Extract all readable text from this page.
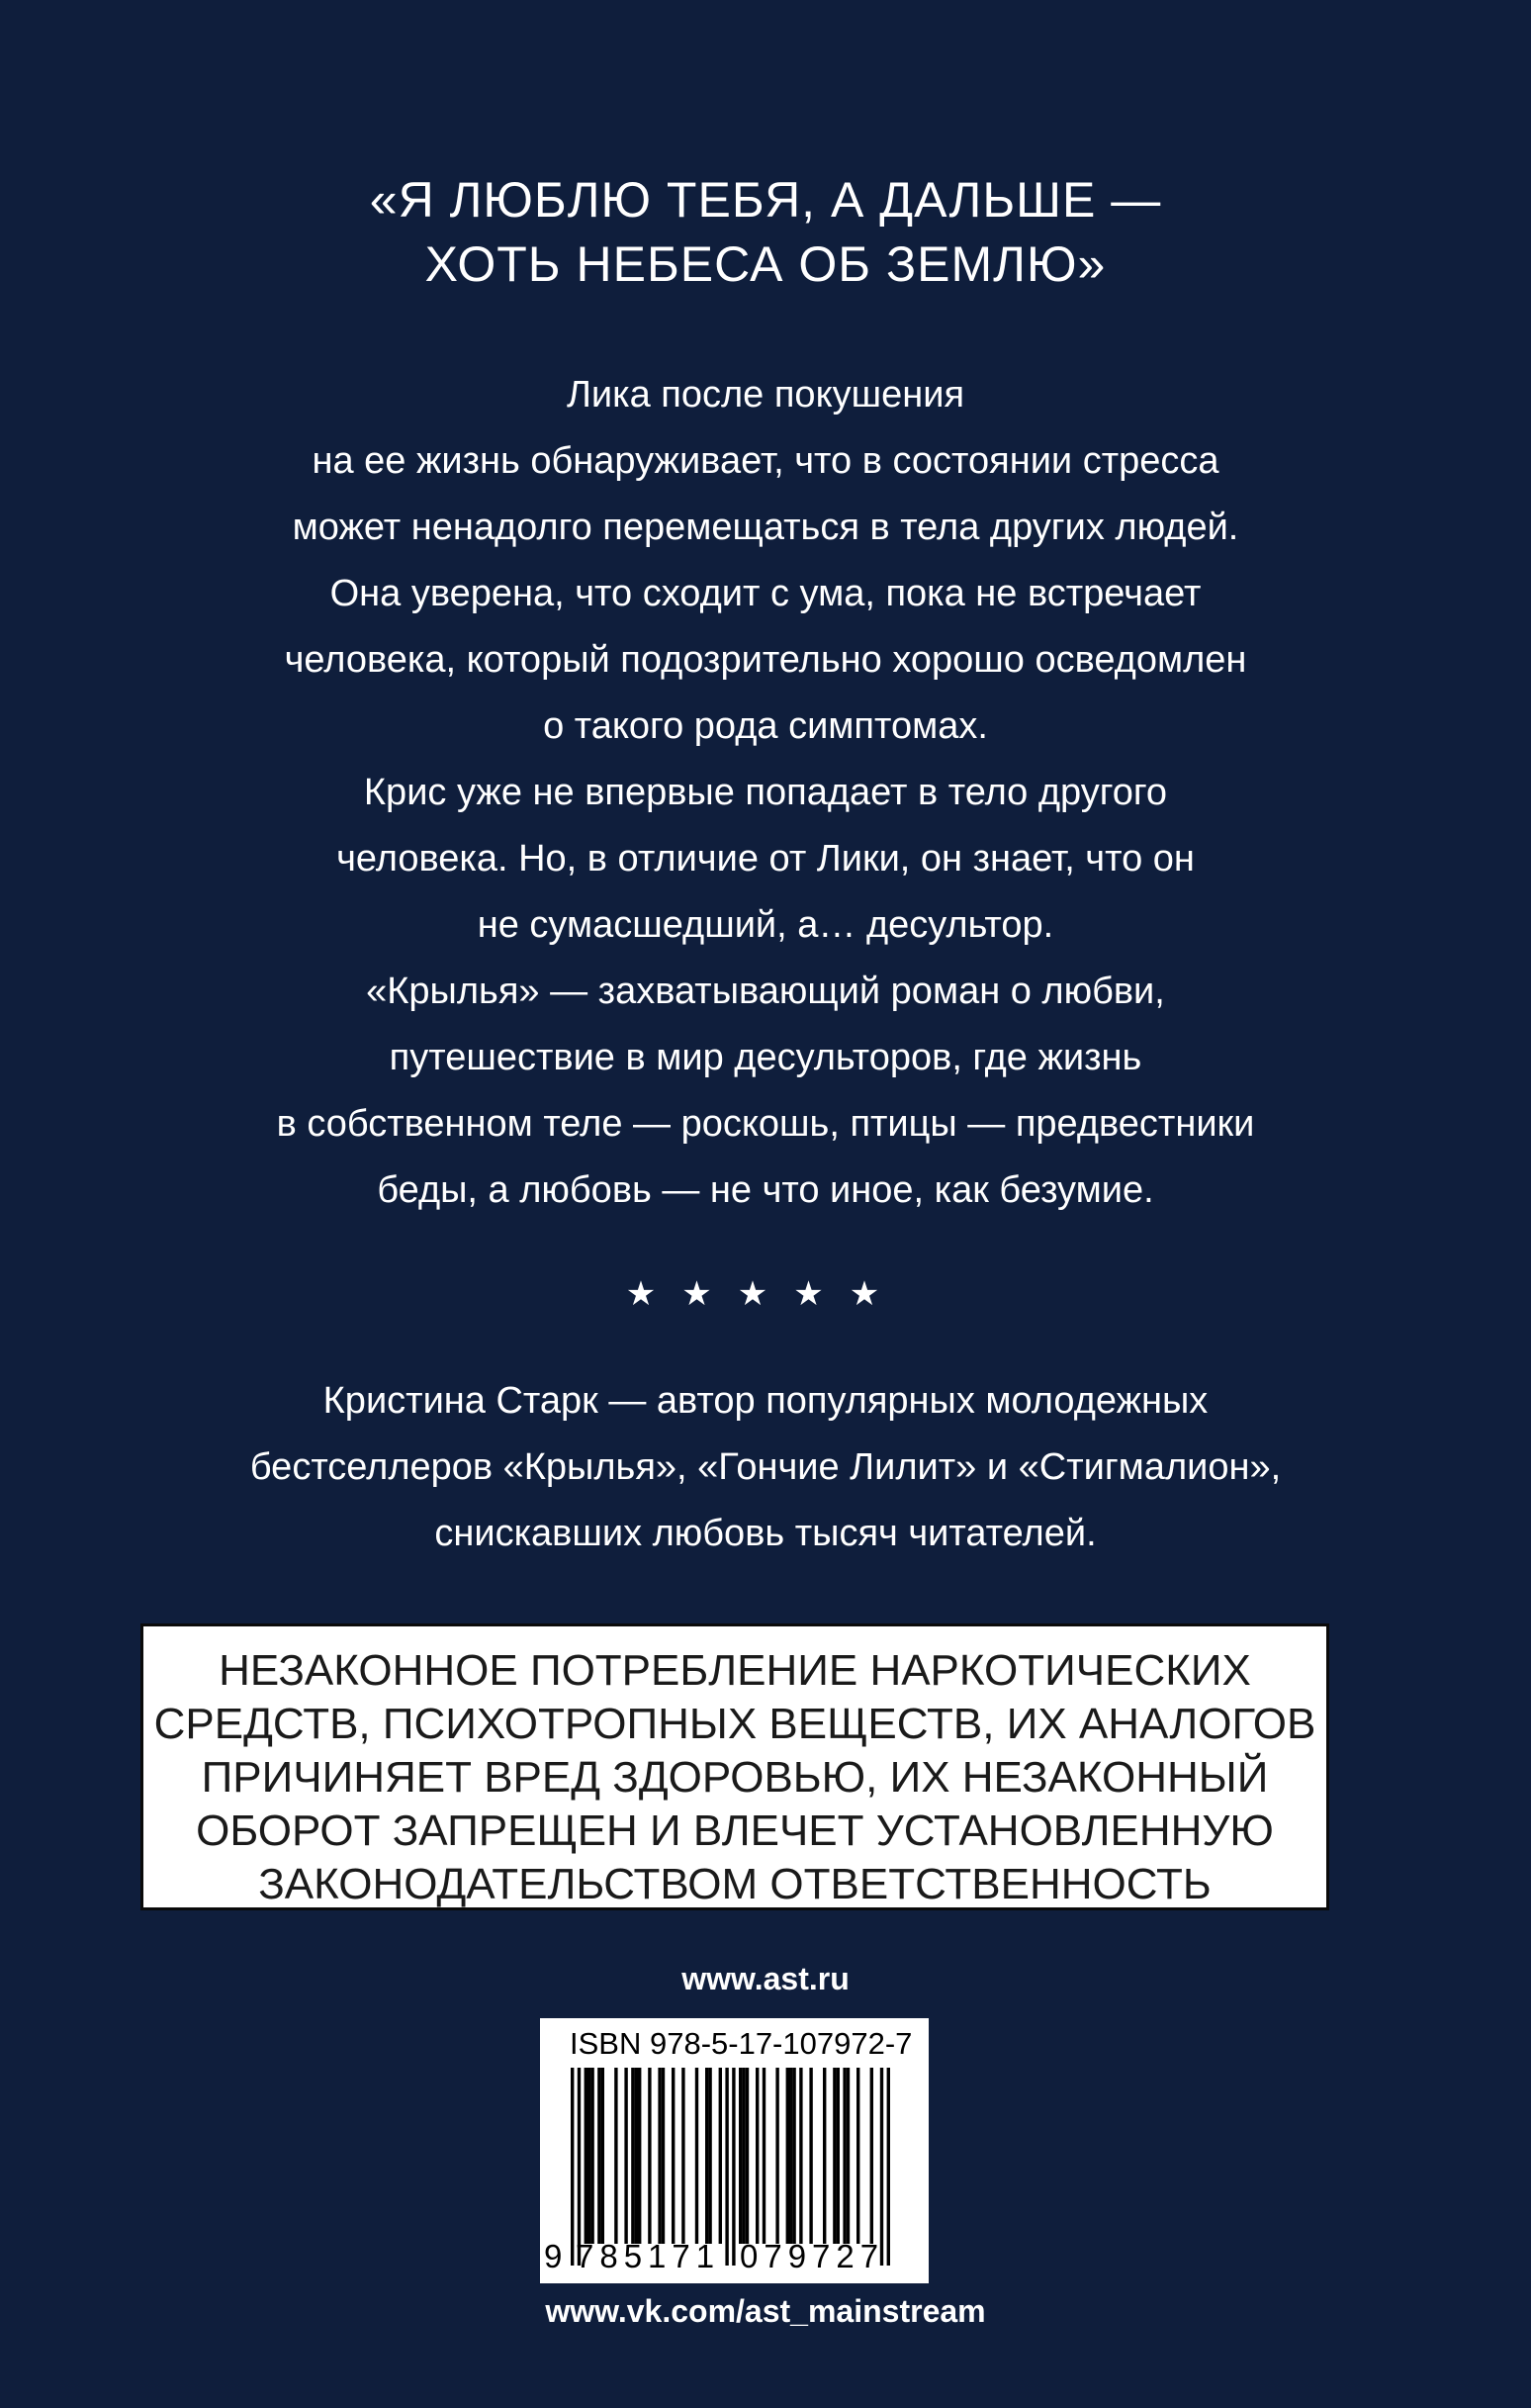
«Я ЛЮБЛЮ ТЕБЯ, А ДАЛЬШЕ —
ХОТЬ НЕБЕСА ОБ ЗЕМЛЮ»
Лика после покушения
на ее жизнь обнаруживает, что в состоянии стресса
может ненадолго перемещаться в тела других людей.
Она уверена, что сходит с ума, пока не встречает
человека, который подозрительно хорошо осведомлен
о такого рода симптомах.
Крис уже не впервые попадает в тело другого
человека. Но, в отличие от Лики, он знает, что он
не сумасшедший, а… десультор.
«Крылья» — захватывающий роман о любви,
путешествие в мир десульторов, где жизнь
в собственном теле — роскошь, птицы — предвестники
беды, а любовь — не что иное, как безумие.
★★★★★
Кристина Старк — автор популярных молодежных
бестселлеров «Крылья», «Гончие Лилит» и «Стигмалион»,
снискавших любовь тысяч читателей.
НЕЗАКОННОЕ ПОТРЕБЛЕНИЕ НАРКОТИЧЕСКИХ
СРЕДСТВ, ПСИХОТРОПНЫХ ВЕЩЕСТВ, ИХ АНАЛОГОВ
ПРИЧИНЯЕТ ВРЕД ЗДОРОВЬЮ, ИХ НЕЗАКОННЫЙ
ОБОРОТ ЗАПРЕЩЕН И ВЛЕЧЕТ УСТАНОВЛЕННУЮ
ЗАКОНОДАТЕЛЬСТВОМ ОТВЕТСТВЕННОСТЬ
www.ast.ru
ISBN 978-5-17-107972-7
9 785171 079727
www.vk.com/ast_mainstream
